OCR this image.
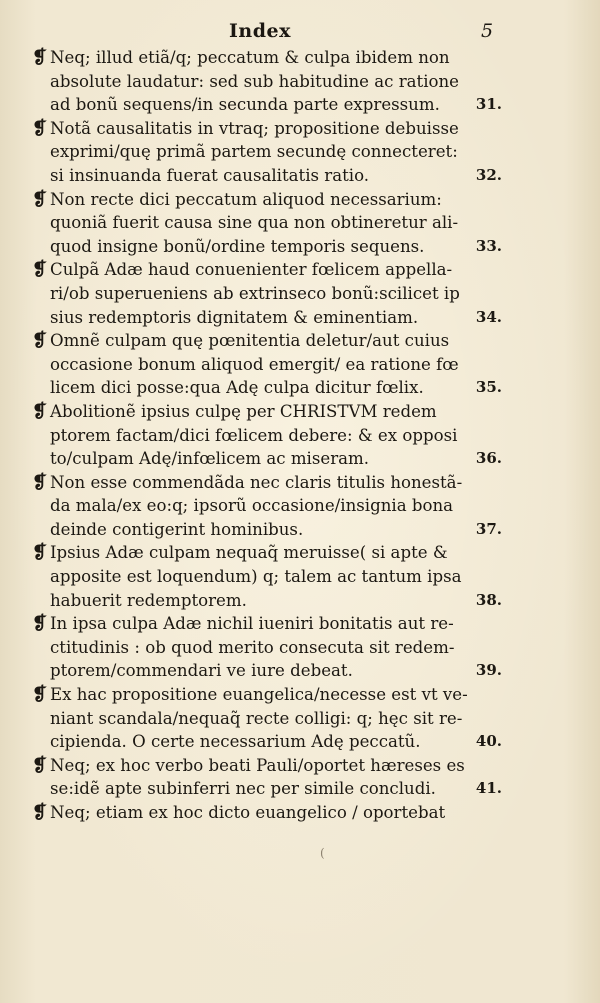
Index	5
❡ Neq; illud etiã/q; peccatum & culpa ibidem non
absolute laudatur: sed sub habitudine ac ratione
ad bonũ sequens/in secunda parte expressum. 31.
❡ Notã causalitatis in vtraq; propositione debuisse
exprimi/quę primã partem secundę connecteret:
si insinuanda fuerat causalitatis ratio.	32.
❡ Non recte dici peccatum aliquod necessarium:
quoniã fuerit causa sine qua non obtineretur ali-
quod insigne bonũ/ordine temporis sequens.	33.
❡ Culpã Adæ haud conuenienter fœlicem appella-
ri/ob superueniens ab extrinseco bonũ:scilicet ip
sius redemptoris dignitatem & eminentiam.	34.
❡ Omnẽ culpam quę pœnitentia deletur/aut cuius
occasione bonum aliquod emergit/ ea ratione fœ
licem dici posse:qua Adę culpa dicitur fœlix.	35.
❡ Abolitionẽ ipsius culpę per CHRISTVM redem
ptorem factam/dici fœlicem debere: & ex opposi
to/culpam Adę/infœlicem ac miseram.	36.
❡ Non esse commendãda nec claris titulis honestã-
da mala/ex eo:q; ipsorũ occasione/insignia bona
deinde contigerint hominibus.	37.
❡ Ipsius Adæ culpam nequaq̃ meruisse( si apte &
apposite est loquendum) q; talem ac tantum ipsa
habuerit redemptorem.	38.
❡ In ipsa culpa Adæ nichil iueniri bonitatis aut re-
ctitudinis : ob quod merito consecuta sit redem-
ptorem/commendari ve iure debeat.	39.
❡ Ex hac propositione euangelica/necesse est vt ve-
niant scandala/nequaq̃ recte colligi: q; hęc sit re-
cipienda. O certe necessarium Adę peccatũ.	40.
❡ Neq; ex hoc verbo beati Pauli/oportet hæreses es
se:idẽ apte subinferri nec per simile concludi.	41.
❡ Neq; etiam ex hoc dicto euangelico / oportebat
(
